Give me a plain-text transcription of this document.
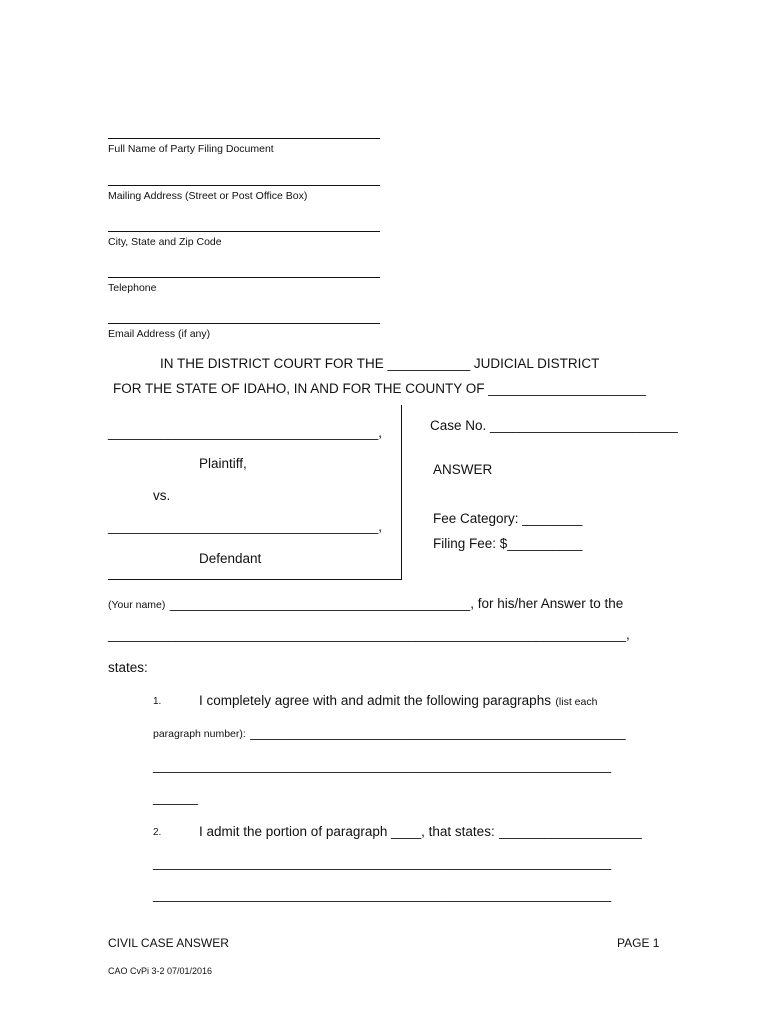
Full Name of Party Filing Document
Mailing Address (Street or Post Office Box)
City, State and Zip Code
Telephone
Email Address (if any)
IN THE DISTRICT COURT FOR THE ___________ JUDICIAL DISTRICT
FOR THE STATE OF IDAHO, IN AND FOR THE COUNTY OF _____________________
____________________________________,
Plaintiff,
vs.
____________________________________,
Defendant
Case No. _________________________
ANSWER
Fee Category: ________
Filing Fee: $__________
(Your name) ________________________________________, for his/her Answer to the
_____________________________________________________________________,
states:
1.	I completely agree with and admit the following paragraphs (list each
paragraph number): __________________________________________________
_____________________________________________________________
______
2.	I admit the portion of paragraph ____, that states: ___________________
_____________________________________________________________
_____________________________________________________________
CIVIL CASE ANSWER	PAGE 1
CAO CvPi 3-2 07/01/2016
